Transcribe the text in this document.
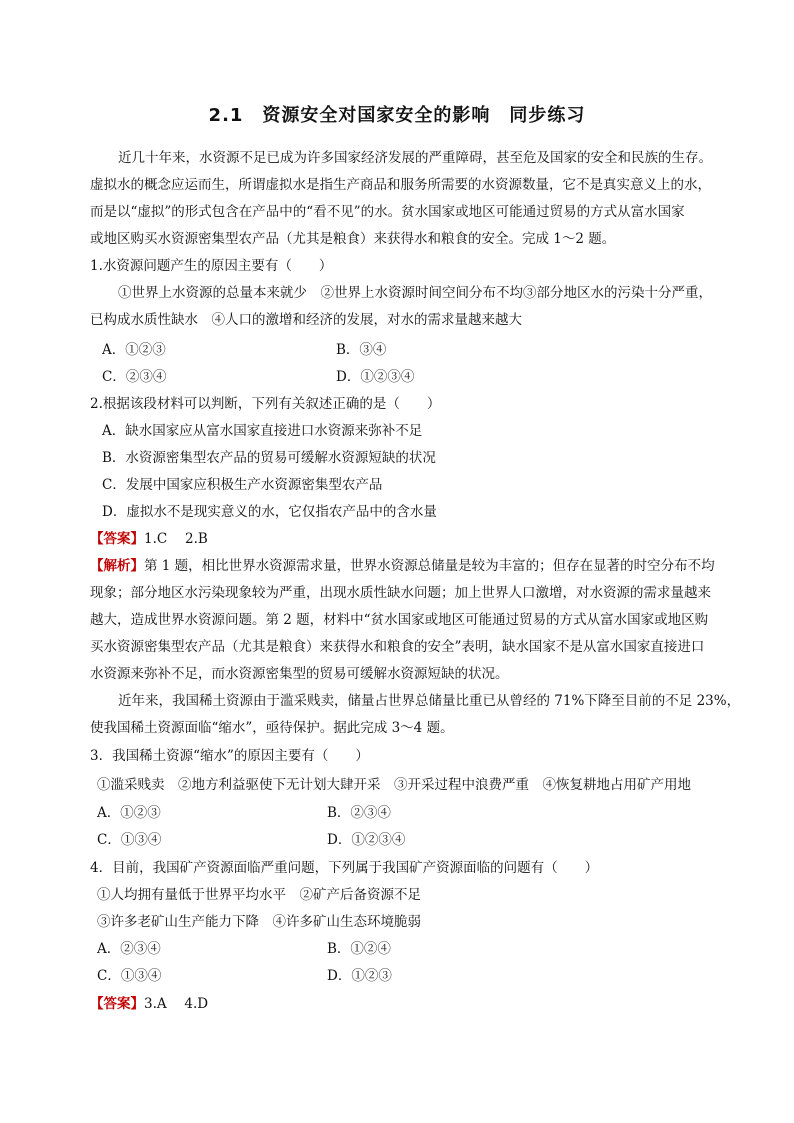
2.1　资源安全对国家安全的影响　同步练习
近几十年来，水资源不足已成为许多国家经济发展的严重障碍，甚至危及国家的安全和民族的生存。
虚拟水的概念应运而生，所谓虚拟水是指生产商品和服务所需要的水资源数量，它不是真实意义上的水，
而是以“虚拟”的形式包含在产品中的“看不见”的水。贫水国家或地区可能通过贸易的方式从富水国家
或地区购买水资源密集型农产品（尤其是粮食）来获得水和粮食的安全。完成 1～2 题。
1.水资源问题产生的原因主要有（　　）
①世界上水资源的总量本来就少　②世界上水资源时间空间分布不均③部分地区水的污染十分严重，
已构成水质性缺水　④人口的激增和经济的发展，对水的需求量越来越大
A．①②③	B．③④
C．②③④	D．①②③④
2.根据该段材料可以判断，下列有关叙述正确的是（　　）
A．缺水国家应从富水国家直接进口水资源来弥补不足
B．水资源密集型农产品的贸易可缓解水资源短缺的状况
C．发展中国家应积极生产水资源密集型农产品
D．虚拟水不是现实意义的水，它仅指农产品中的含水量
【答案】1.C　 2.B
【解析】第 1 题，相比世界水资源需求量，世界水资源总储量是较为丰富的；但存在显著的时空分布不均
现象；部分地区水污染现象较为严重，出现水质性缺水问题；加上世界人口激增，对水资源的需求量越来
越大，造成世界水资源问题。第 2 题，材料中“贫水国家或地区可能通过贸易的方式从富水国家或地区购
买水资源密集型农产品（尤其是粮食）来获得水和粮食的安全”表明，缺水国家不是从富水国家直接进口
水资源来弥补不足，而水资源密集型的贸易可缓解水资源短缺的状况。
近年来，我国稀土资源由于滥采贱卖，储量占世界总储量比重已从曾经的 71%下降至目前的不足 23%，
使我国稀土资源面临“缩水”，亟待保护。据此完成 3～4 题。
3．我国稀土资源“缩水”的原因主要有（　　）
①滥采贱卖　②地方利益驱使下无计划大肆开采　③开采过程中浪费严重　④恢复耕地占用矿产用地
A．①②③	B．②③④
C．①③④	D．①②③④
4．目前，我国矿产资源面临严重问题，下列属于我国矿产资源面临的问题有（　　）
①人均拥有量低于世界平均水平　②矿产后备资源不足
③许多老矿山生产能力下降　④许多矿山生态环境脆弱
A．②③④	B．①②④
C．①③④	D．①②③
【答案】3.A　 4.D
